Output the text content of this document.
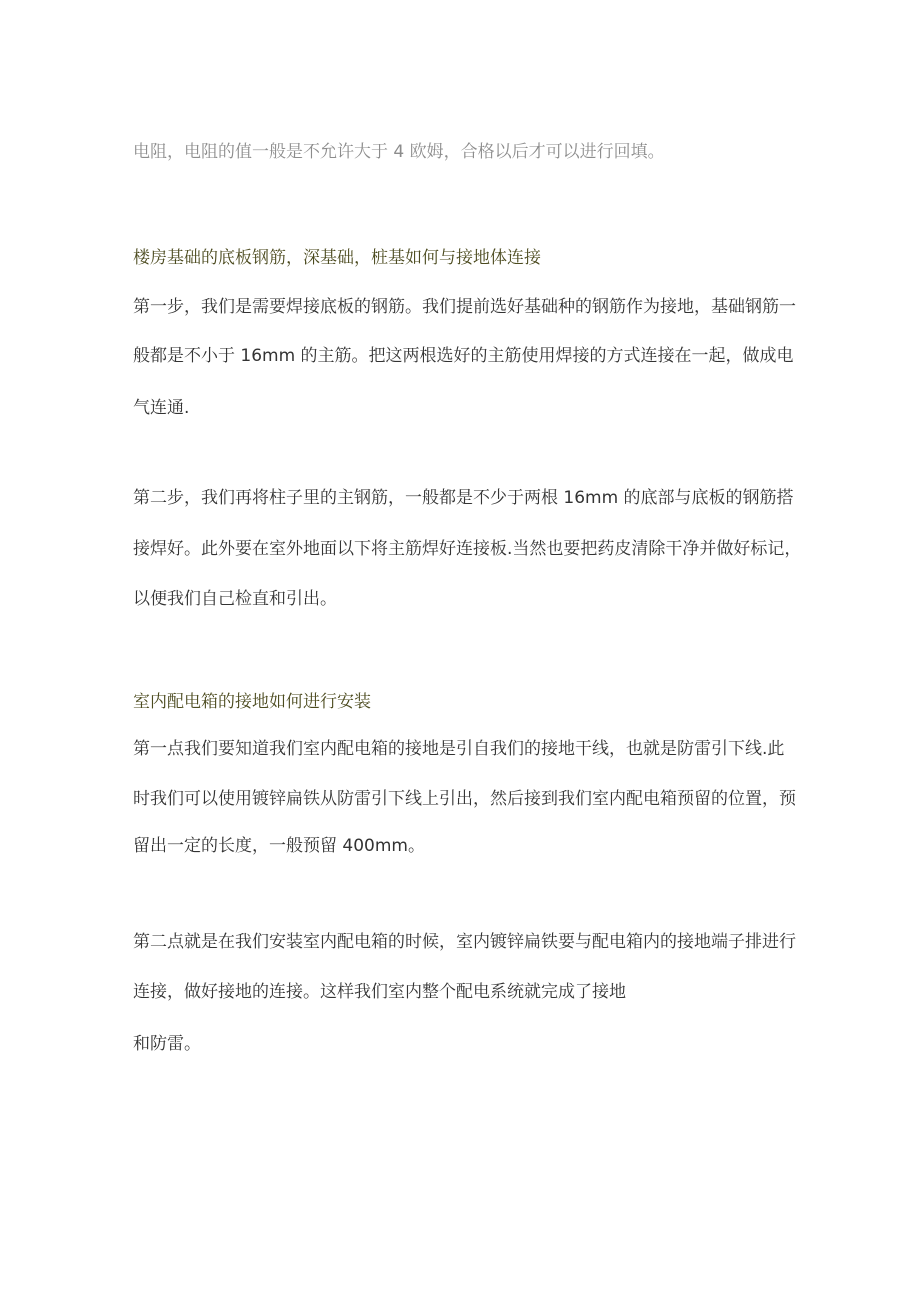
电阻，电阻的值一般是不允许大于 4 欧姆，合格以后才可以进行回填。
楼房基础的底板钢筋，深基础，桩基如何与接地体连接
第一步，我们是需要焊接底板的钢筋。我们提前选好基础种的钢筋作为接地，基础钢筋一
般都是不小于 16mm 的主筋。把这两根选好的主筋使用焊接的方式连接在一起，做成电
气连通.
第二步，我们再将柱子里的主钢筋，一般都是不少于两根 16mm 的底部与底板的钢筋搭
接焊好。此外要在室外地面以下将主筋焊好连接板.当然也要把药皮清除干净并做好标记，
以便我们自己检直和引出。
室内配电箱的接地如何进行安装
第一点我们要知道我们室内配电箱的接地是引自我们的接地干线，也就是防雷引下线.此
时我们可以使用镀锌扁铁从防雷引下线上引出，然后接到我们室内配电箱预留的位置，预
留出一定的长度，一般预留 400mm。
第二点就是在我们安装室内配电箱的时候，室内镀锌扁铁要与配电箱内的接地端子排进行
连接，做好接地的连接。这样我们室内整个配电系统就完成了接地
和防雷。
